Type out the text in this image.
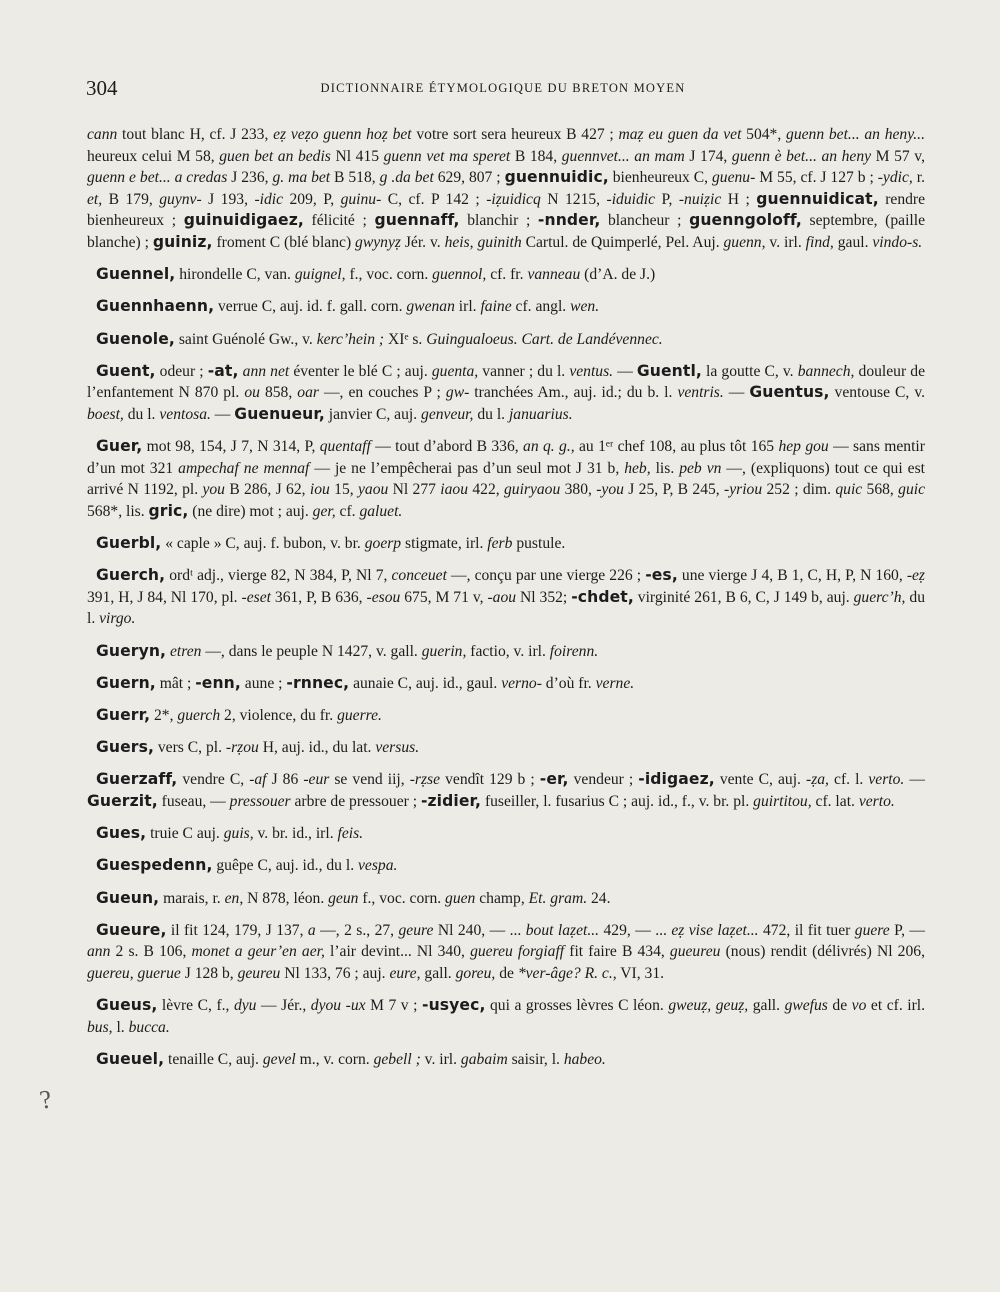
304	DICTIONNAIRE ÉTYMOLOGIQUE DU BRETON MOYEN

cann tout blanc H, cf. J 233, eẓ veẓo guenn hoẓ bet votre sort sera heureux B 427 ; maẓ eu guen da vet 504*, guenn bet... an heny... heureux celui M 58, guen bet an bedis Nl 415 guenn vet ma speret B 184, guennvet... an mam J 174, guenn è bet... an heny M 57 v, guenn e bet... a credas J 236, g. ma bet B 518, g .da bet 629, 807 ; guennuidic, bienheureux C, guenu- M 55, cf. J 127 b ; -ydic, r. et, B 179, guynv- J 193, -idic 209, P, guinu- C, cf. P 142 ; -iẓuidicq N 1215, -iduidic P, -nuiẓic H ; guennuidicat, rendre bienheureux ; guinuidigaez, félicité ; guennaff, blanchir ; -nnder, blancheur ; guenngoloff, septembre, (paille blanche) ; guiniz, froment C (blé blanc) gwynyẓ Jér. v. heis, guinith Cartul. de Quimperlé, Pel. Auj. guenn, v. irl. find, gaul. vindo-s.

Guennel, hirondelle C, van. guignel, f., voc. corn. guennol, cf. fr. vanneau (d’A. de J.)

Guennhaenn, verrue C, auj. id. f. gall. corn. gwenan irl. faine cf. angl. wen.

Guenole, saint Guénolé Gw., v. kerc’hein ; XIᵉ s. Guingualoeus. Cart. de Landévennec.

Guent, odeur ; -at, ann net éventer le blé C ; auj. guenta, vanner ; du l. ventus. — Guentl, la goutte C, v. bannech, douleur de l’enfantement N 870 pl. ou 858, oar —, en couches P ; gw- tranchées Am., auj. id.; du b. l. ventris. — Guentus, ventouse C, v. boest, du l. ventosa. — Guenueur, janvier C, auj. genveur, du l. januarius.

Guer, mot 98, 154, J 7, N 314, P, quentaff — tout d’abord B 336, an q. g., au 1ᵉʳ chef 108, au plus tôt 165 hep gou — sans mentir d’un mot 321 ampechaf ne mennaf — je ne l’empêcherai pas d’un seul mot J 31 b, heb, lis. peb vn —, (expliquons) tout ce qui est arrivé N 1192, pl. you B 286, J 62, iou 15, yaou Nl 277 iaou 422, guiryaou 380, -you J 25, P, B 245, -yriou 252 ; dim. quic 568, guic 568*, lis. gric, (ne dire) mot ; auj. ger, cf. galuet.

Guerbl, « caple » C, auj. f. bubon, v. br. goerp stigmate, irl. ferb pustule.

Guerch, ordᵗ adj., vierge 82, N 384, P, Nl 7, conceuet —, conçu par une vierge 226 ; -es, une vierge J 4, B 1, C, H, P, N 160, -eẓ 391, H, J 84, Nl 170, pl. -eset 361, P, B 636, -esou 675, M 71 v, -aou Nl 352; -chdet, virginité 261, B 6, C, J 149 b, auj. guerc’h, du l. virgo.

Gueryn, etren —, dans le peuple N 1427, v. gall. guerin, factio, v. irl. foirenn.

Guern, mât ; -enn, aune ; -rnnec, aunaie C, auj. id., gaul. verno- d’où fr. verne.

Guerr, 2*, guerch 2, violence, du fr. guerre.

Guers, vers C, pl. -rẓou H, auj. id., du lat. versus.

Guerzaff, vendre C, -af J 86 -eur se vend iij, -rẓse vendît 129 b ; -er, vendeur ; -idigaez, vente C, auj. -ẓa, cf. l. verto. — Guerzit, fuseau, — pressouer arbre de pressouer ; -zidier, fuseiller, l. fusarius C ; auj. id., f., v. br. pl. guirtitou, cf. lat. verto.

Gues, truie C auj. guis, v. br. id., irl. feis.

Guespedenn, guêpe C, auj. id., du l. vespa.

Gueun, marais, r. en, N 878, léon. geun f., voc. corn. guen champ, Et. gram. 24.

Gueure, il fit 124, 179, J 137, a —, 2 s., 27, geure Nl 240, — ... bout laẓet... 429, — ... eẓ vise laẓet... 472, il fit tuer guere P, — ann 2 s. B 106, monet a geur’en aer, l’air devint... Nl 340, guereu forgiaff fit faire B 434, gueureu (nous) rendit (délivrés) Nl 206, guereu, guerue J 128 b, geureu Nl 133, 76 ; auj. eure, gall. goreu, de *ver-âge? R. c., VI, 31.

Gueus, lèvre C, f., dyu — Jér., dyou -ux M 7 v ; -usyec, qui a grosses lèvres C léon. gweuẓ, geuẓ, gall. gwefus de vo et cf. irl. bus, l. bucca.

Gueuel, tenaille C, auj. gevel m., v. corn. gebell ; v. irl. gabaim saisir, l. habeo.

?
